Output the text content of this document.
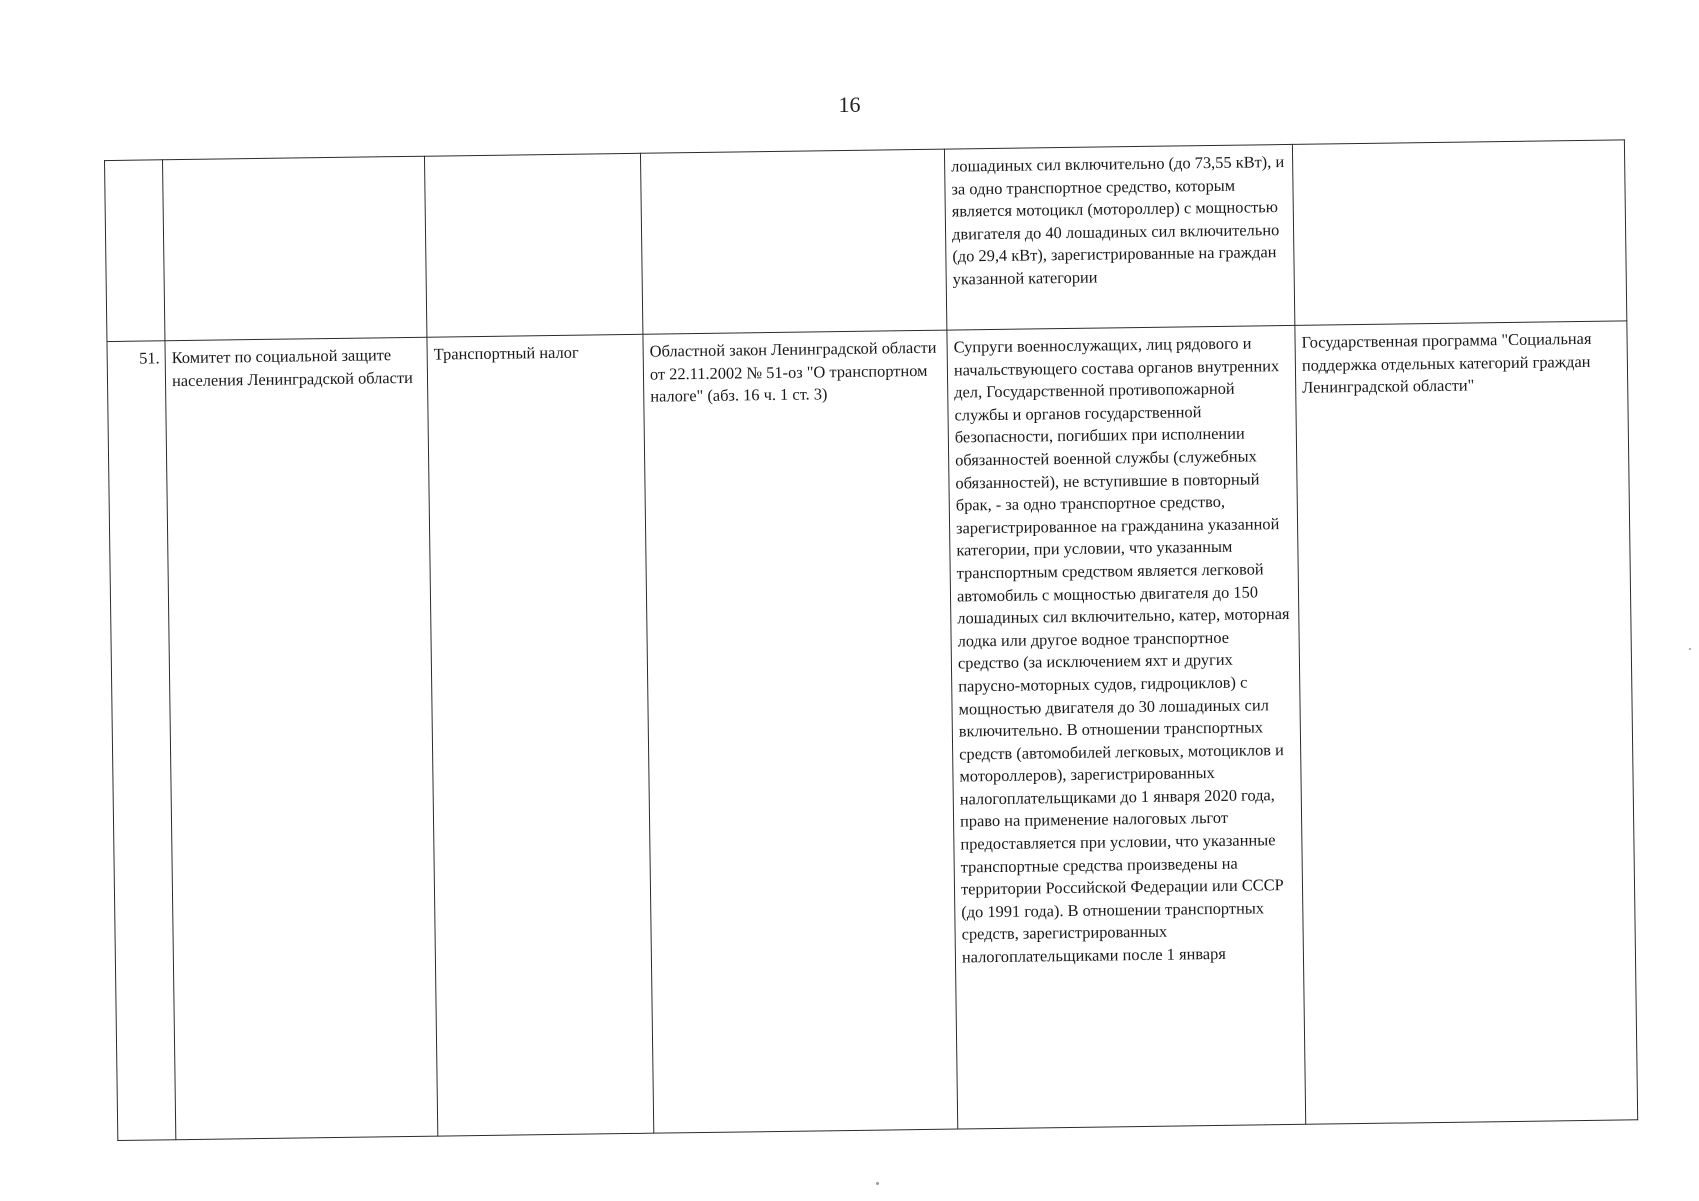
16
				лошадиных сил включительно (до 73,55 кВт), и за одно транспортное средство, которым является мотоцикл (мотороллер) с мощностью двигателя до 40 лошадиных сил включительно (до 29,4 кВт), зарегистрированные на граждан указанной категории	
51.	Комитет по социальной защите населения Ленинградской области	Транспортный налог	Областной закон Ленинградской области от 22.11.2002 № 51-оз "О транспортном налоге" (абз. 16 ч. 1 ст. 3)	Супруги военнослужащих, лиц рядового и начальствующего состава органов внутренних дел, Государственной противопожарной службы и органов государственной безопасности, погибших при исполнении обязанностей военной службы (служебных обязанностей), не вступившие в повторный брак, - за одно транспортное средство, зарегистрированное на гражданина указанной категории, при условии, что указанным транспортным средством является легковой автомобиль с мощностью двигателя до 150 лошадиных сил включительно, катер, моторная лодка или другое водное транспортное средство (за исключением яхт и других парусно-моторных судов, гидроциклов) с мощностью двигателя до 30 лошадиных сил включительно. В отношении транспортных средств (автомобилей легковых, мотоциклов и мотороллеров), зарегистрированных налогоплательщиками до 1 января 2020 года, право на применение налоговых льгот предоставляется при условии, что указанные транспортные средства произведены на территории Российской Федерации или СССР (до 1991 года). В отношении транспортных средств, зарегистрированных налогоплательщиками после 1 января	Государственная программа "Социальная поддержка отдельных категорий граждан Ленинградской области"
